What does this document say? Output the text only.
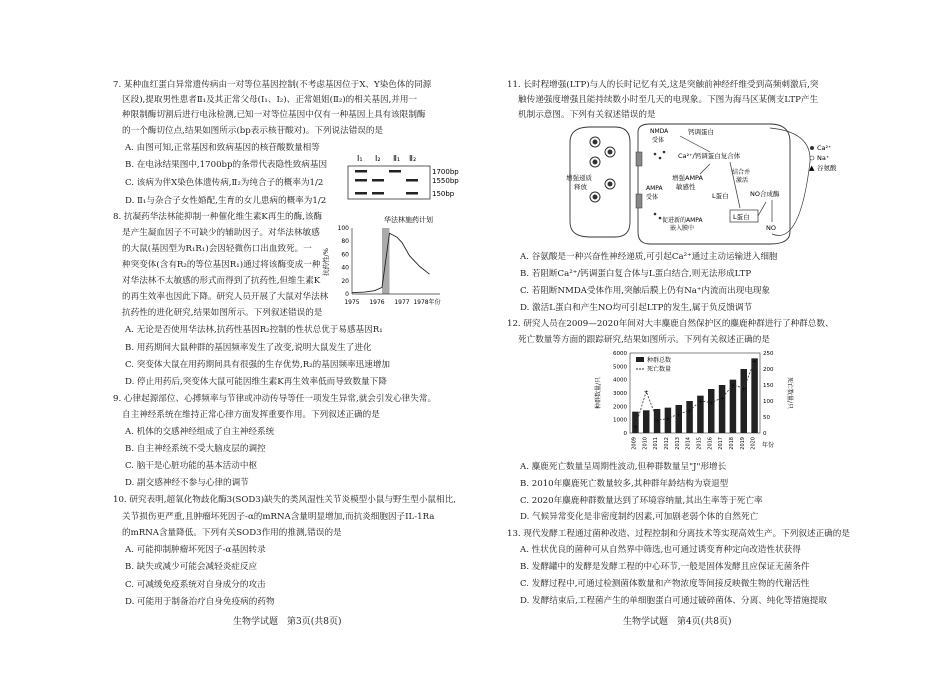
7. 某种血红蛋白异常遗传病由一对等位基因控制(不考虑基因位于X、Y染色体的同源
区段),提取男性患者Ⅱ₁及其正常父母(Ⅰ₁、Ⅰ₂)、正常姐姐(Ⅱ₂)的相关基因,并用一
种限制酶切割后进行电泳检测,已知一对等位基因中仅有一种基因上具有该限制酶
的一个酶切位点,结果如图所示(bp表示核苷酸对)。下列说法错误的是
A. 由图可知,正常基因和致病基因的核苷酸数量相等
B. 在电泳结果图中,1700bp的条带代表隐性致病基因
C. 该病为伴X染色体遗传病,Ⅱ₂为纯合子的概率为1/2
D. Ⅱ₁与杂合子女性婚配,生育的女儿患病的概率为1/2
Ⅰ₁ Ⅰ₂ Ⅱ₁ Ⅱ₂
1700bp
1550bp
150bp
8. 抗凝药华法林能抑制一种催化维生素K再生的酶,该酶
是产生凝血因子不可缺少的辅助因子。对华法林敏感
的大鼠(基因型为R₁R₁)会因轻微伤口出血致死。一
种突变体(含有R₂的等位基因R₁)通过将该酶变成一种
对华法林不太敏感的形式而得到了抗药性,但维生素K
的再生效率也因此下降。研究人员开展了大鼠对华法林
抗药性的进化研究,结果如图所示。下列叙述错误的是
A. 无论是否使用华法林,抗药性基因R₂控制的性状总优于易感基因R₁
B. 用药期间大鼠种群的基因频率发生了改变,说明大鼠发生了进化
C. 突变体大鼠在用药期间具有很强的生存优势,R₂的基因频率迅速增加
D. 停止用药后,突变体大鼠可能因维生素K再生效率低而导致数量下降
华法林施药计划
100
80
60
40
20
0
抗药性/%
1975 1976 1977 1978年份
9. 心律起源部位、心搏频率与节律或冲动传导等任一项发生异常,就会引发心律失常。
自主神经系统在维持正常心律方面发挥重要作用。下列叙述正确的是
A. 机体的交感神经组成了自主神经系统
B. 自主神经系统不受大脑皮层的调控
C. 脑干是心脏功能的基本活动中枢
D. 副交感神经不参与心律的调节
10. 研究表明,超氧化物歧化酶3(SOD3)缺失的类风湿性关节炎模型小鼠与野生型小鼠相比,
关节损伤更严重,且肿瘤坏死因子-α的mRNA含量明显增加,而抗炎细胞因子IL-1Ra
的mRNA含量降低。下列有关SOD3作用的推测,错误的是
A. 可能抑制肿瘤坏死因子-α基因转录
B. 缺失或减少可能会减轻炎症反应
C. 可减缓免疫系统对自身成分的攻击
D. 可能用于制备治疗自身免疫病的药物
生物学试题　第3页(共8页)
11. 长时程增强(LTP)与人的长时记忆有关,这是突触前神经纤维受到高频刺激后,突
触传递强度增强且能持续数小时至几天的电现象。下图为海马区某侧支LTP产生
机制示意图。下列有关叙述错误的是
增强递质
释放
NMDA
受体
AMPA
受体
钙调蛋白
Ca²⁺/钙调蛋白复合体
结合并
激活
增强AMPA
敏感性
L蛋白
L蛋白	NO合成酶
NO
促进新的AMPA
嵌入膜中
Ca²⁺
Na⁺
▲ 谷氨酸
A. 谷氨酸是一种兴奋性神经递质,可引起Ca²⁺通过主动运输进入细胞
B. 若阻断Ca²⁺/钙调蛋白复合体与L蛋白结合,则无法形成LTP
C. 若阻断NMDA受体作用,突触后膜上仍有Na⁺内流而出现电现象
D. 激活L蛋白和产生NO均可引起LTP的发生,属于负反馈调节
12. 研究人员在2009—2020年间对大丰麋鹿自然保护区的麋鹿种群进行了种群总数、
死亡数量等方面的跟踪研究,结果如图所示。下列有关叙述正确的是
0
1000
2000
3000
4000
5000
6000
0
50
100
150
200
250
种群数量/只	死亡数量/只
+
+
+ +
+ +
+ +
+
+ +
+
2009 2010 2011 2012 2013 2014 2015 2016 2017 2018 2019 2020 年份
种群总数
死亡数量
A. 麋鹿死亡数量呈周期性波动,但种群数量呈"J"形增长
B. 2010年麋鹿死亡数量较多,其种群年龄结构为衰退型
C. 2020年麋鹿种群数量达到了环境容纳量,其出生率等于死亡率
D. 气候异常变化是非密度制约因素,可加剧老弱个体的自然死亡
13. 现代发酵工程通过菌种改造、过程控制和分离技术等实现高效生产。下列叙述正确的是
A. 性状优良的菌种可从自然界中筛选,也可通过诱变育种定向改造性状获得
B. 发酵罐中的发酵是发酵工程的中心环节,一般是固体发酵且应保证无菌条件
C. 发酵过程中,可通过检测菌体数量和产物浓度等间接反映微生物的代谢活性
D. 发酵结束后,工程菌产生的单细胞蛋白可通过破碎菌体、分离、纯化等措施提取
生物学试题　第4页(共8页)
